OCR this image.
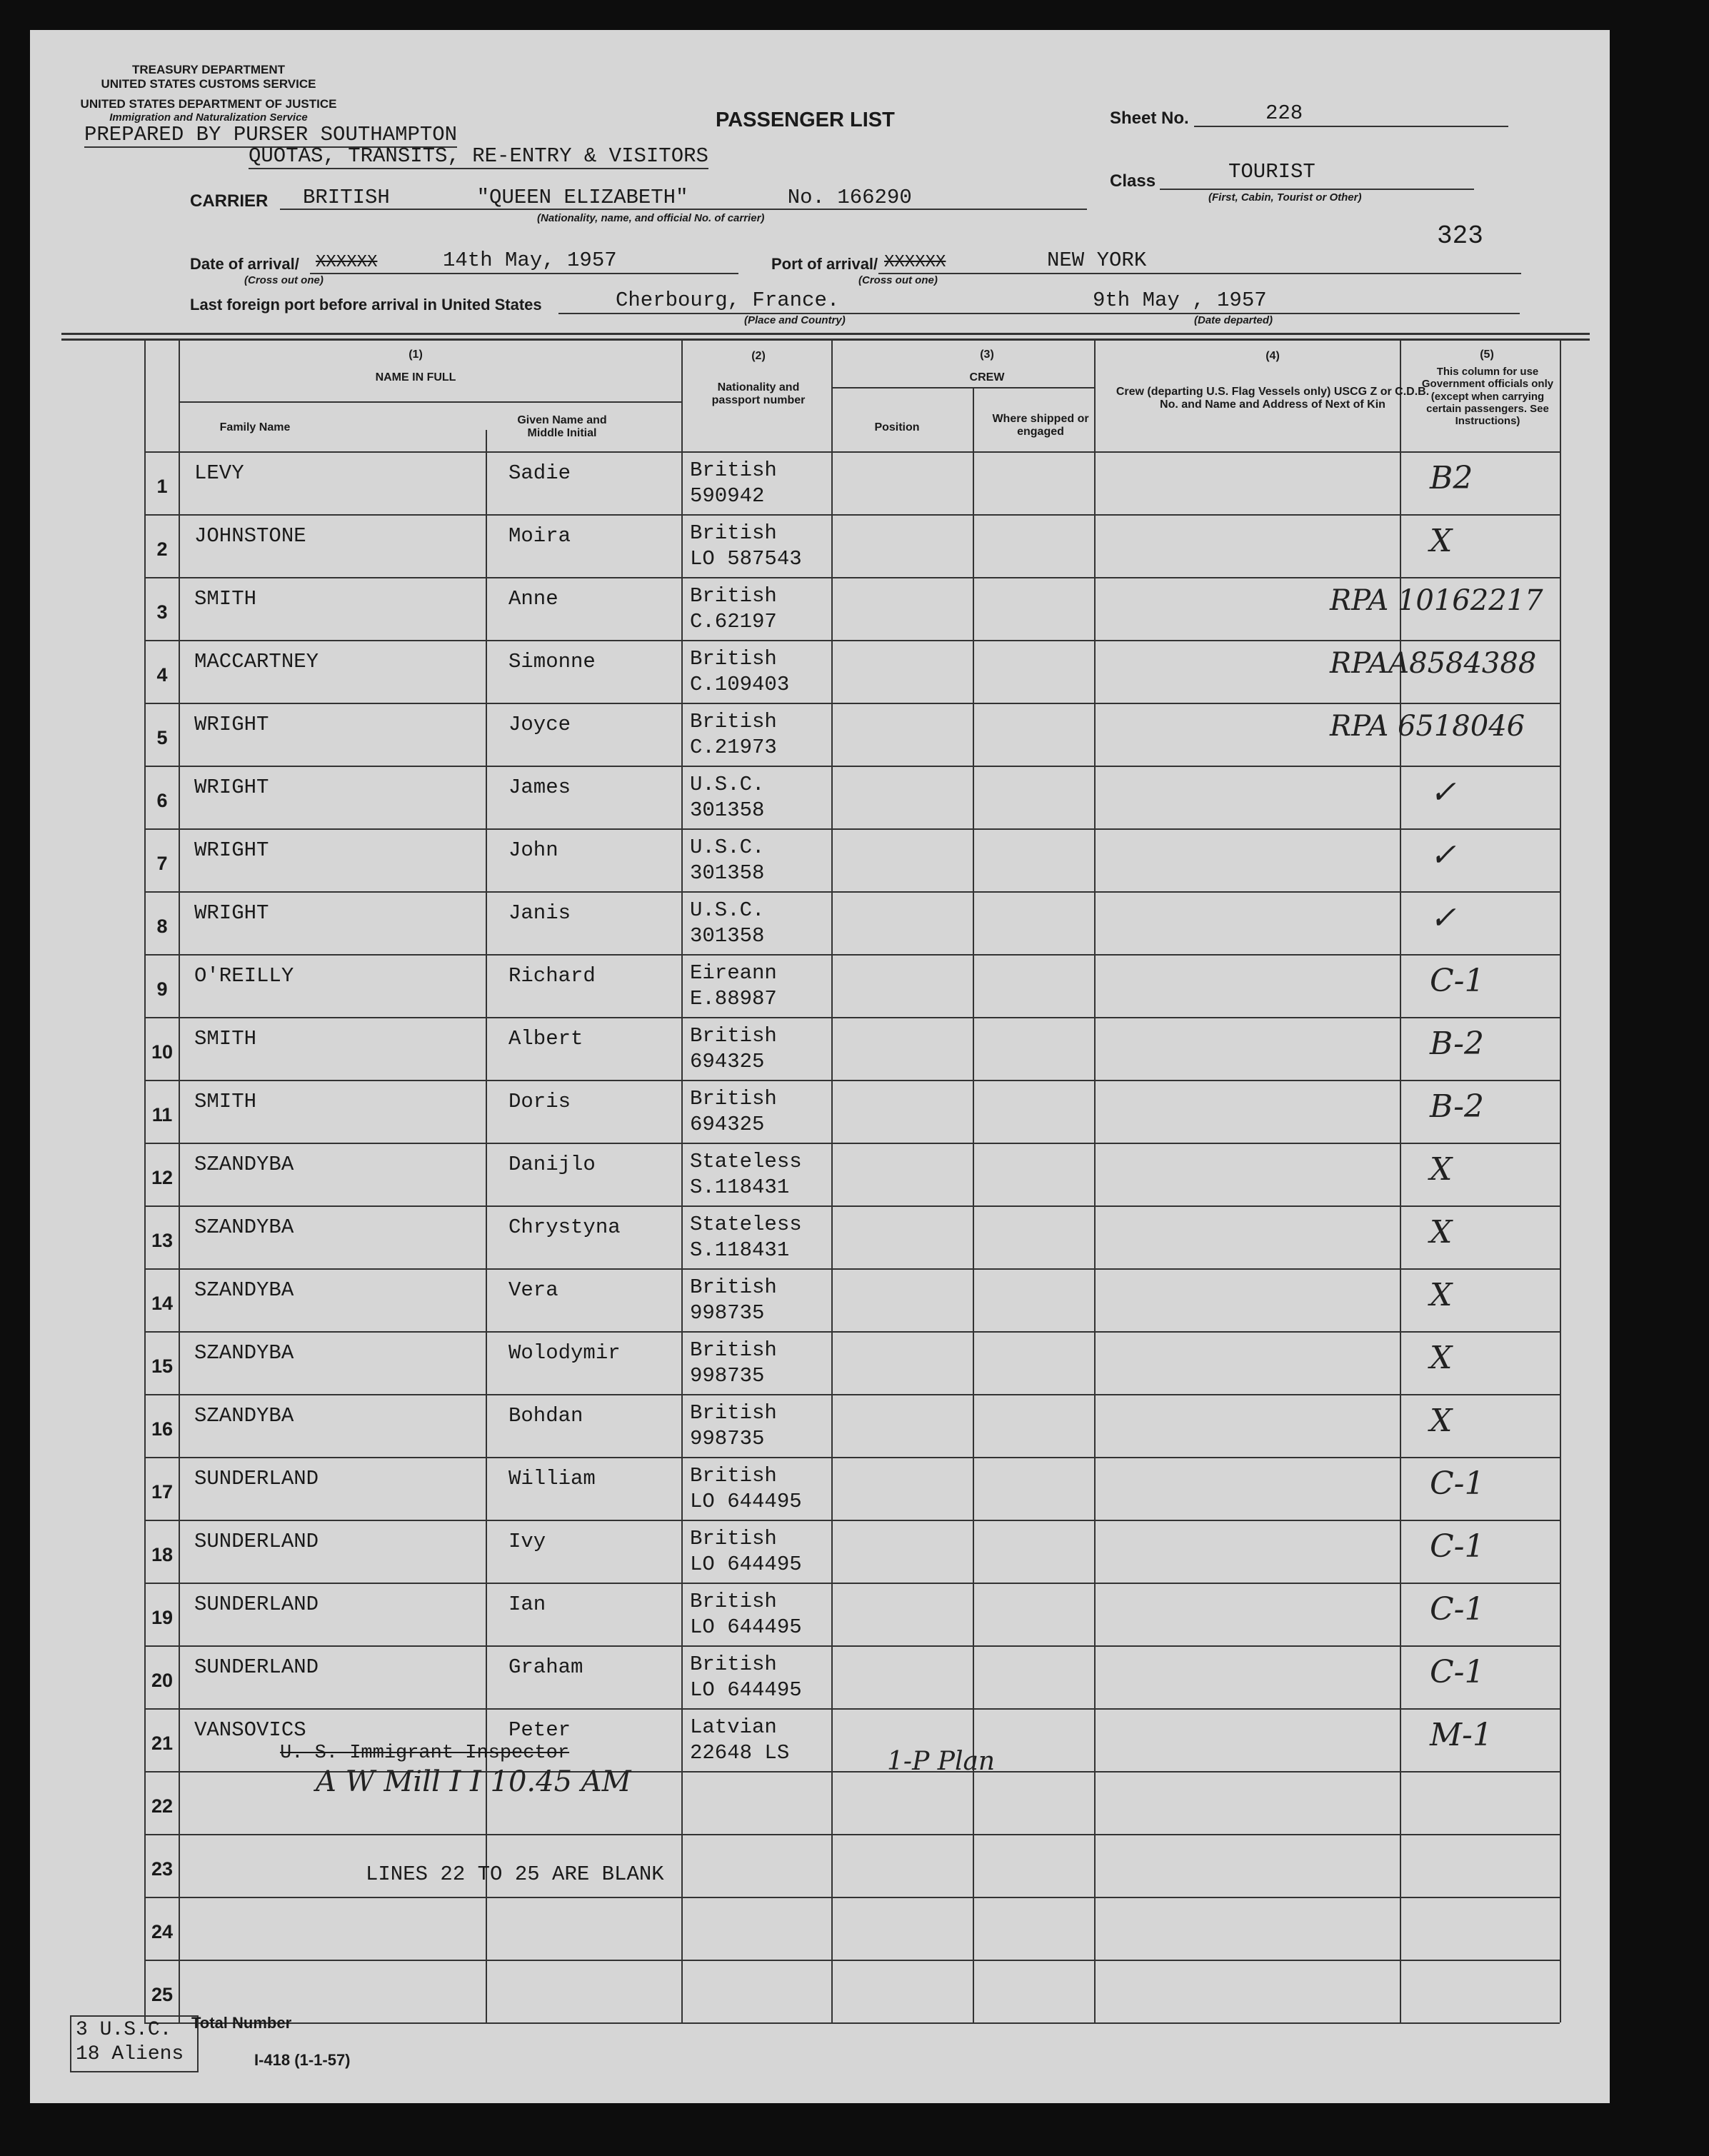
TREASURY DEPARTMENT
UNITED STATES CUSTOMS SERVICE
UNITED STATES DEPARTMENT OF JUSTICE
Immigration and Naturalization Service
PREPARED BY PURSER SOUTHAMPTON
QUOTAS, TRANSITS, RE-ENTRY & VISITORS
PASSENGER LIST	Sheet No.	228
Class	TOURIST
(First, Cabin, Tourist or Other)
323
CARRIER BRITISH       "QUEEN ELIZABETH"        No. 166290
(Nationality, name, and official No. of carrier)
Date of arrival/ XXXXXX	14th May, 1957
(Cross out one)
Port of arrival/ XXXXXX	NEW YORK
(Cross out one)
Last foreign port before arrival in United States	Cherbourg, France.
(Place and Country)
9th May , 1957
(Date departed)
(1)
NAME IN FULL
Family Name
Given Name and Middle Initial
(2)
Nationality and passport number
(3)
CREW
Position
Where shipped or engaged
(4)
Crew (departing U.S. Flag Vessels only) USCG Z or C.D.B. No. and Name and Address of Next of Kin
(5)
This column for use Government officials only (except when carrying certain passengers. See Instructions)
1
LEVY	Sadie	British
590942	B2
2
JOHNSTONE	Moira	British
LO 587543	X
3
SMITH	Anne	British
C.62197
RPA 10162217
4
MACCARTNEY	Simonne	British
C.109403
RPAA8584388
5
WRIGHT	Joyce	British
C.21973
RPA 6518046
6
WRIGHT	James	U.S.C.
301358	✓
7
WRIGHT	John	U.S.C.
301358	✓
8
WRIGHT	Janis	U.S.C.
301358	✓
9
O'REILLY	Richard	Eireann
E.88987	C-1
10
SMITH	Albert	British
694325	B-2
11
SMITH	Doris	British
694325	B-2
12
SZANDYBA	Danijlo	Stateless
S.118431	X
13
SZANDYBA	Chrystyna	Stateless
S.118431	X
14
SZANDYBA	Vera	British
998735	X
15
SZANDYBA	Wolodymir	British
998735	X
16
SZANDYBA	Bohdan	British
998735	X
17
SUNDERLAND	William	British
LO 644495	C-1
18
SUNDERLAND	Ivy	British
LO 644495	C-1
19
SUNDERLAND	Ian	British
LO 644495	C-1
20
SUNDERLAND	Graham	British
LO 644495	C-1
21
VANSOVICS	Peter	Latvian
22648 LS	M-1
22
23
24
25
U. S. Immigrant Inspector
A W Mill I I 10.45 AM
1-P Plan
LINES 22 TO 25 ARE BLANK
3 U.S.C.
18 Aliens
Total Number
I-418 (1-1-57)
